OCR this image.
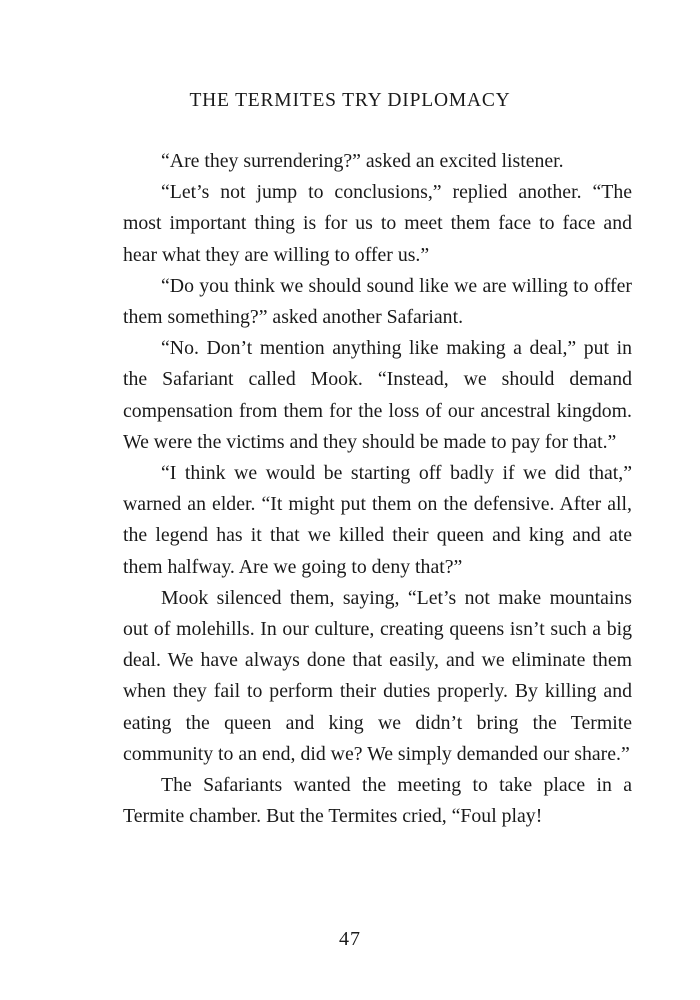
THE TERMITES TRY DIPLOMACY

“Are they surrendering?” asked an excited listener.

“Let’s not jump to conclusions,” replied another. “The most important thing is for us to meet them face to face and hear what they are willing to offer us.”

“Do you think we should sound like we are willing to offer them something?” asked another Safariant.

“No. Don’t mention anything like making a deal,” put in the Safariant called Mook. “Instead, we should demand compensation from them for the loss of our ancestral kingdom. We were the victims and they should be made to pay for that.”

“I think we would be starting off badly if we did that,” warned an elder. “It might put them on the defensive. After all, the legend has it that we killed their queen and king and ate them halfway. Are we going to deny that?”

Mook silenced them, saying, “Let’s not make mountains out of molehills. In our culture, creating queens isn’t such a big deal. We have always done that easily, and we eliminate them when they fail to perform their duties properly. By killing and eating the queen and king we didn’t bring the Termite community to an end, did we? We simply demanded our share.”

The Safariants wanted the meeting to take place in a Termite chamber. But the Termites cried, “Foul play!

47
